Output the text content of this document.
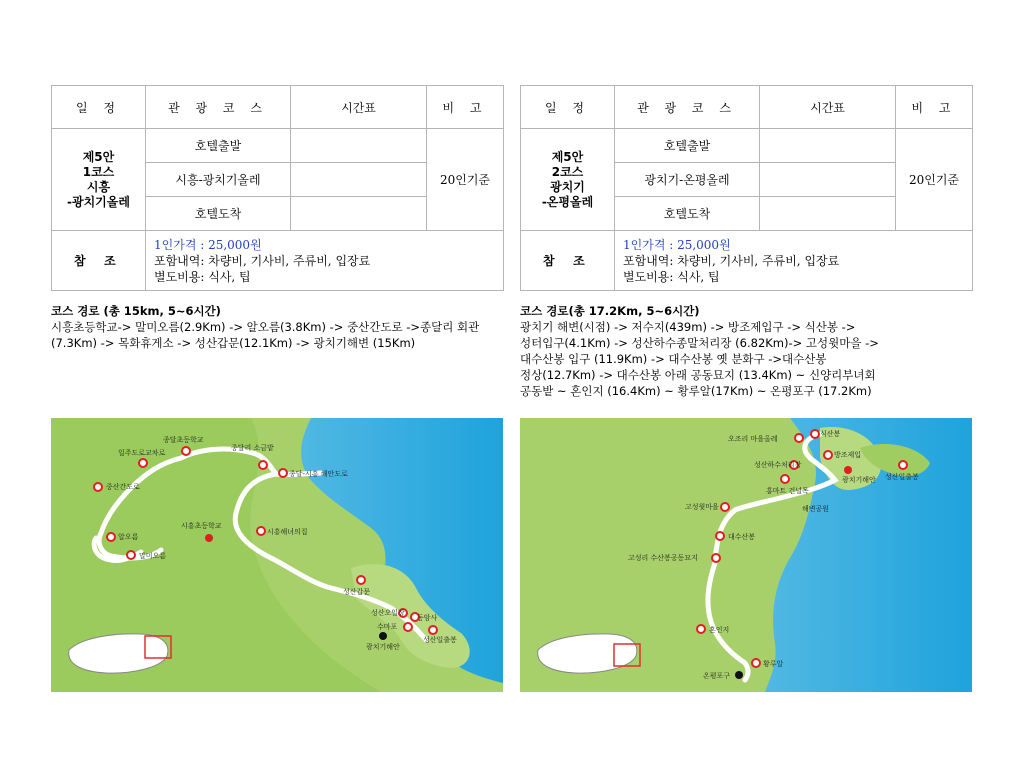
일 정	관 광 코 스	시간표	비 고
제5안
1코스
시흥
-광치기올레	호텔출발		20인기준
	시흥-광치기올레		
	호텔도착		
참 조	1인가격 : 25,000원
포함내역: 차량비, 기사비, 주류비, 입장료
별도비용: 식사, 팁		
코스 경로 (총 15km, 5~6시간)
시흥초등학교-> 말미오름(2.9Km) -> 알오름(3.8Km) -> 중산간도로 ->종달리 회관(7.3Km) -> 목화휴게소 -> 성산갑문(12.1Km) -> 광치기해변 (15Km)
일 정	관 광 코 스	시간표	비 고
제5안
2코스
광치기
-온평올레	호텔출발		20인기준
	광치기-온평올레		
	호텔도착		
참 조	1인가격 : 25,000원
포함내역: 차량비, 기사비, 주류비, 입장료
별도비용: 식사, 팁		
코스 경로(총 17.2Km, 5~6시간)
광치기 해변(시점) -> 저수지(439m) -> 방조제입구 -> 식산봉 ->
성터입구(4.1Km) -> 성산하수종말처리장 (6.82Km)-> 고성윗마을 ->
대수산봉 입구 (11.9Km) -> 대수산봉 옛 분화구 ->대수산봉
정상(12.7Km) -> 대수산봉 아래 공동묘지 (13.4Km) ~ 신양리부녀회
공동밭 ~ 혼인지 (16.4Km) ~ 황루알(17Km) ~ 온평포구 (17.2Km)
종달초등학교
일주도로교차로
종달리 소금밭
종달-시흥 해안도로
중산간도로
시흥초등학교
시흥해녀의집
알오름
말미오름
성산갑문
성산오일장
동암사
수마포
성산일출봉
광치기해안
식산봉
오조리 마을올레
방조제입
성산하수처리장
광치기해안 성산일출봉
홍마트 건널목
해변공원
고성윗마을
대수산봉
고성리 수산봉공동묘지
혼인지
황루알
온평포구
